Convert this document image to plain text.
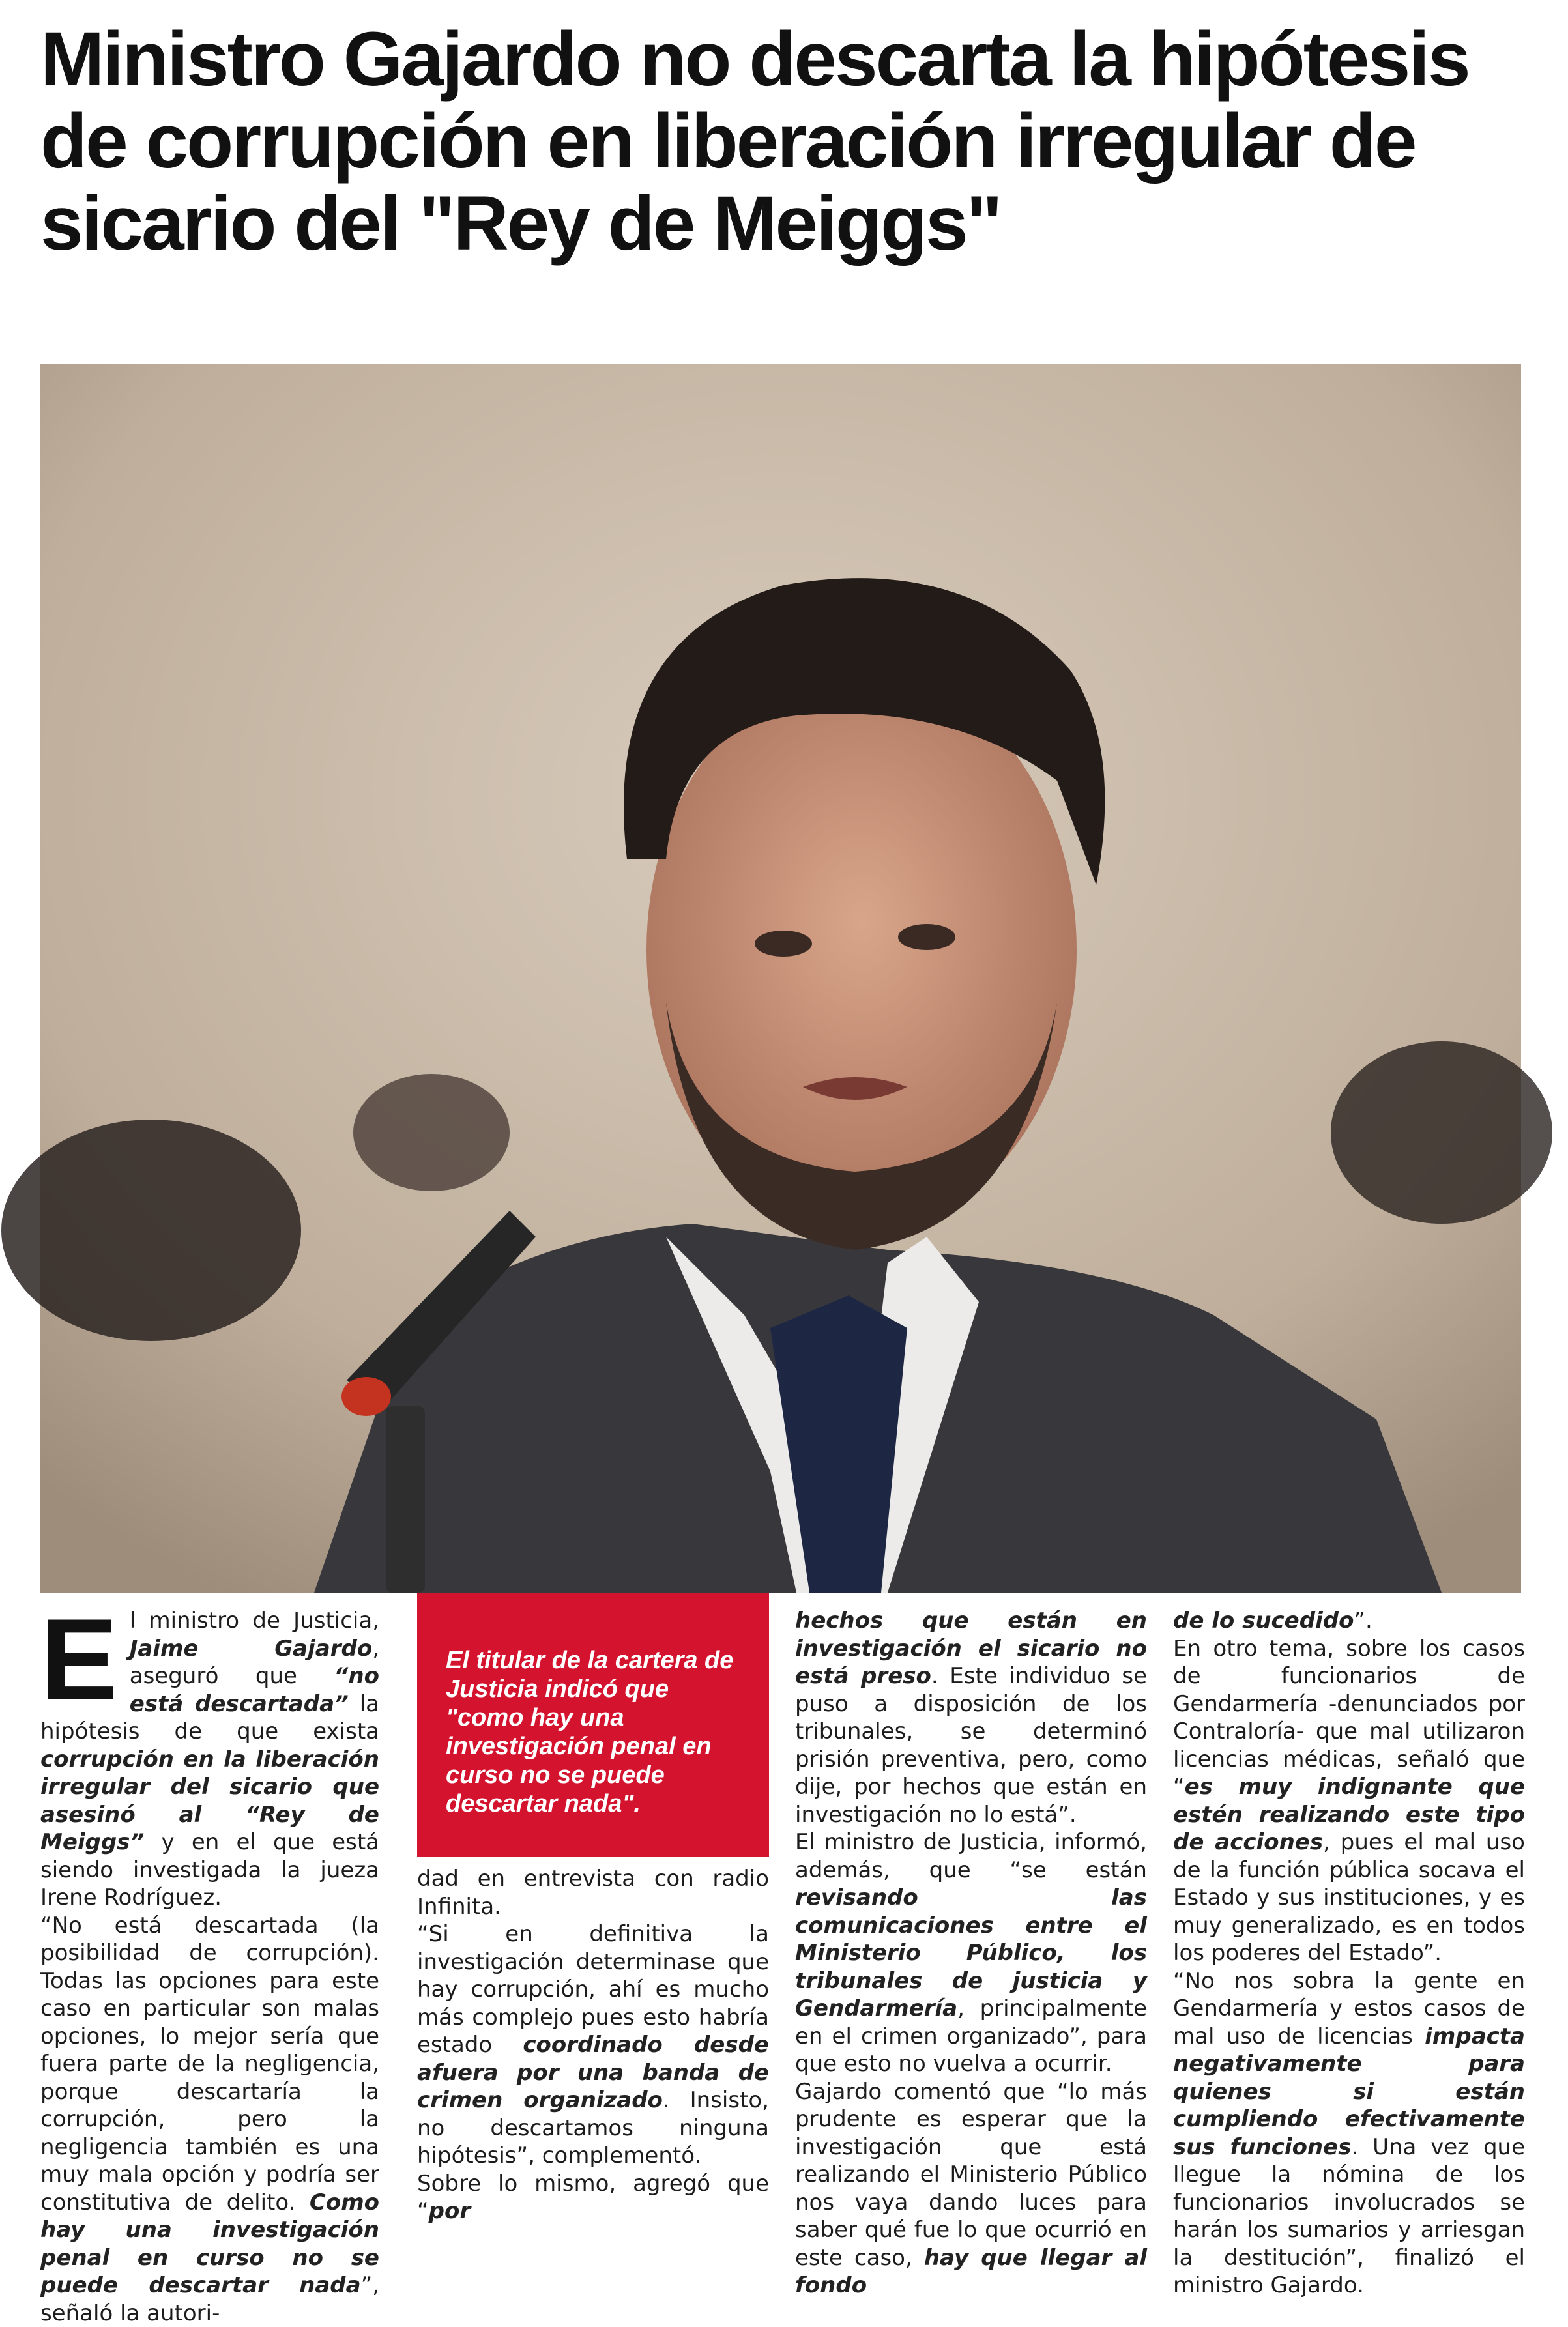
Ministro Gajardo no descarta la hipótesis de corrupción en liberación irregular de sicario del "Rey de Meiggs"
E l ministro de Justicia, Jaime Gajardo, aseguró que “no está descartada” la hipótesis de que exista corrupción en la liberación irregular del sicario que asesinó al “Rey de Meiggs” y en el que está siendo investigada la jueza Irene Rodríguez.

“No está descartada (la posibilidad de corrupción). Todas las opciones para este caso en particular son malas opciones, lo mejor sería que fuera parte de la negligencia, porque descartaría la corrupción, pero la negligencia también es una muy mala opción y podría ser constitutiva de delito. Como hay una investigación penal en curso no se puede descartar nada”, señaló la autori-

El titular de la cartera de Justicia indicó que "como hay una investigación penal en curso no se puede descartar nada".

dad en entrevista con radio Infinita.

“Si en definitiva la investigación determinase que hay corrupción, ahí es mucho más complejo pues esto habría estado coordinado desde afuera por una banda de crimen organizado. Insisto, no descartamos ninguna hipótesis”, complementó.

Sobre lo mismo, agregó que “por

hechos que están en investigación el sicario no está preso. Este individuo se puso a disposición de los tribunales, se determinó prisión preventiva, pero, como dije, por hechos que están en investigación no lo está”.

El ministro de Justicia, informó, además, que “se están revisando las comunicaciones entre el Ministerio Público, los tribunales de justicia y Gendarmería, principalmente en el crimen organizado”, para que esto no vuelva a ocurrir.

Gajardo comentó que “lo más prudente es esperar que la investigación que está realizando el Ministerio Público nos vaya dando luces para saber qué fue lo que ocurrió en este caso, hay que llegar al fondo

de lo sucedido”.

En otro tema, sobre los casos de funcionarios de Gendarmería -denunciados por Contraloría- que mal utilizaron licencias médicas, señaló que “es muy indignante que estén realizando este tipo de acciones, pues el mal uso de la función pública socava el Estado y sus instituciones, y es muy generalizado, es en todos los poderes del Estado”.

“No nos sobra la gente en Gendarmería y estos casos de mal uso de licencias impacta negativamente para quienes si están cumpliendo efectivamente sus funciones. Una vez que llegue la nómina de los funcionarios involucrados se harán los sumarios y arriesgan la destitución”, finalizó el ministro Gajardo.
